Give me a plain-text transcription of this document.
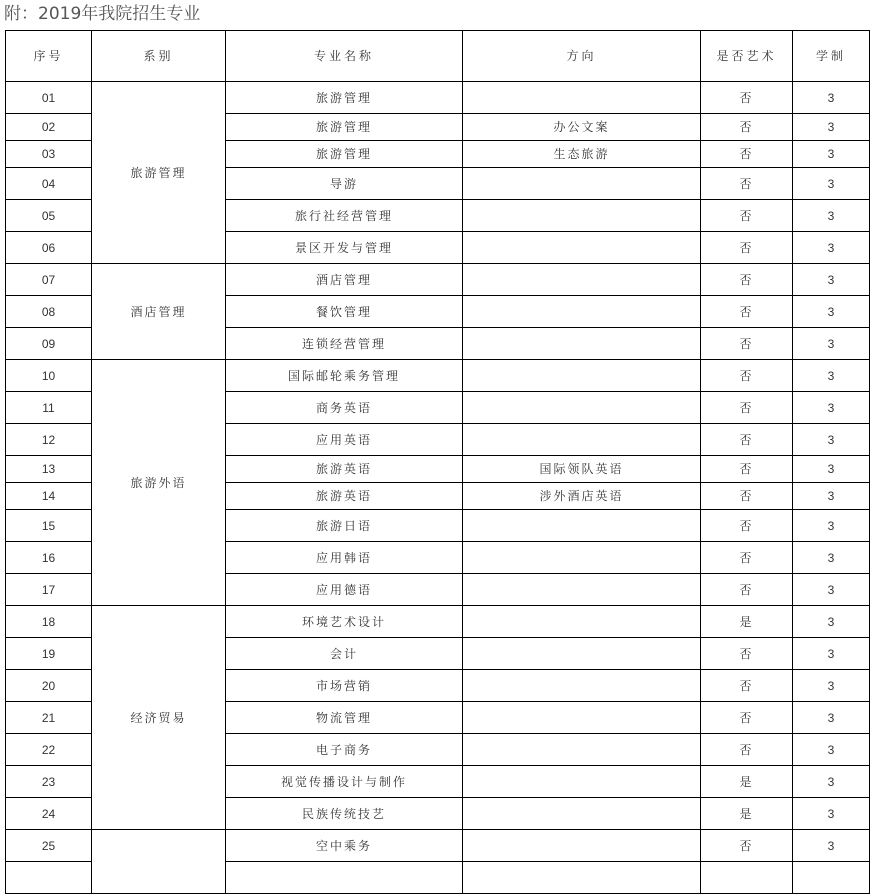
附：2019年我院招生专业
序号	系别	专业名称	方向	是否艺术	学制
01	旅游管理	旅游管理		否	3
02		旅游管理	办公文案	否	3
03		旅游管理	生态旅游	否	3
04		导游		否	3
05		旅行社经营管理		否	3
06		景区开发与管理		否	3
07	酒店管理	酒店管理		否	3
08		餐饮管理		否	3
09		连锁经营管理		否	3
10	旅游外语	国际邮轮乘务管理		否	3
11		商务英语		否	3
12		应用英语		否	3
13		旅游英语	国际领队英语	否	3
14		旅游英语	涉外酒店英语	否	3
15		旅游日语		否	3
16		应用韩语		否	3
17		应用德语		否	3
18	经济贸易	环境艺术设计		是	3
19		会计		否	3
20		市场营销		否	3
21		物流管理		否	3
22		电子商务		否	3
23		视觉传播设计与制作		是	3
24		民族传统技艺		是	3
25		空中乘务		否	3
